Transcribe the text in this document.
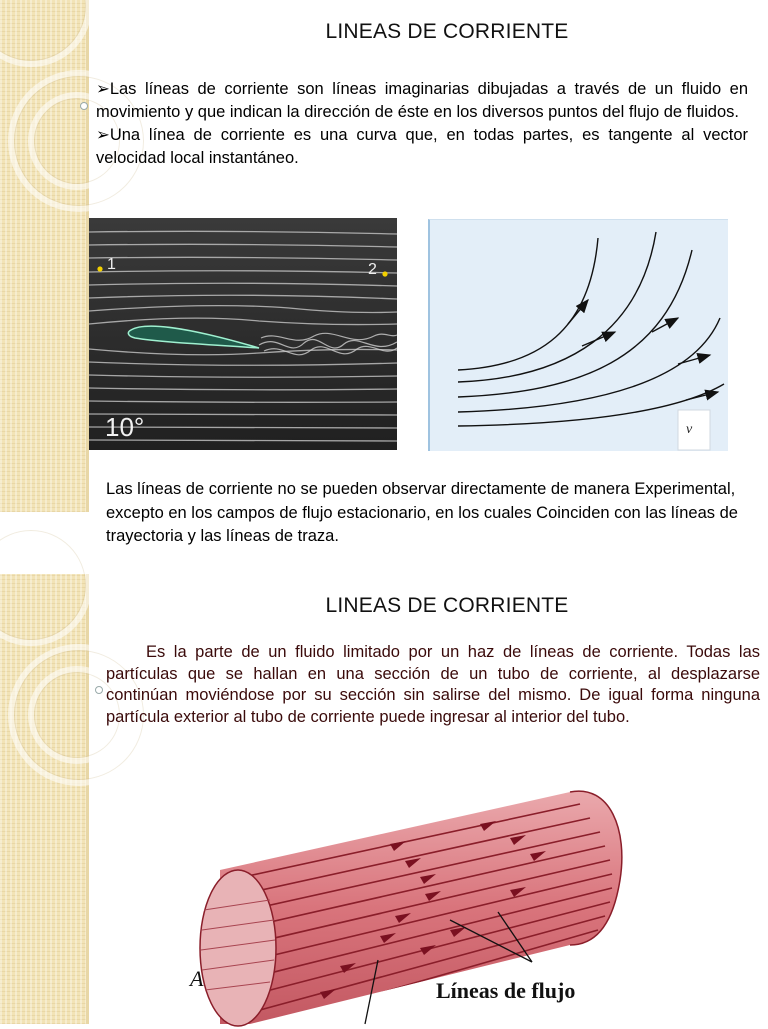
LINEAS DE CORRIENTE
➢Las líneas de corriente son líneas imaginarias dibujadas a través de un fluido en movimiento y que indican la dirección de éste en los diversos puntos del flujo de fluidos.
➢Una línea de corriente es una curva que, en todas partes, es tangente al vector velocidad local instantáneo.
1	2
10°	v
Las líneas de corriente no se pueden observar directamente de manera Experimental, excepto en los campos de flujo estacionario, en los cuales Coinciden con las líneas de trayectoria y las líneas de traza.
LINEAS DE CORRIENTE
Es la parte de un fluido limitado por un haz de líneas de corriente. Todas las partículas que se hallan en una sección de un tubo de corriente, al desplazarse continúan moviéndose por su sección sin salirse del mismo. De igual forma ninguna partícula exterior al tubo de corriente puede ingresar al interior del tubo.
A	Líneas de flujo
